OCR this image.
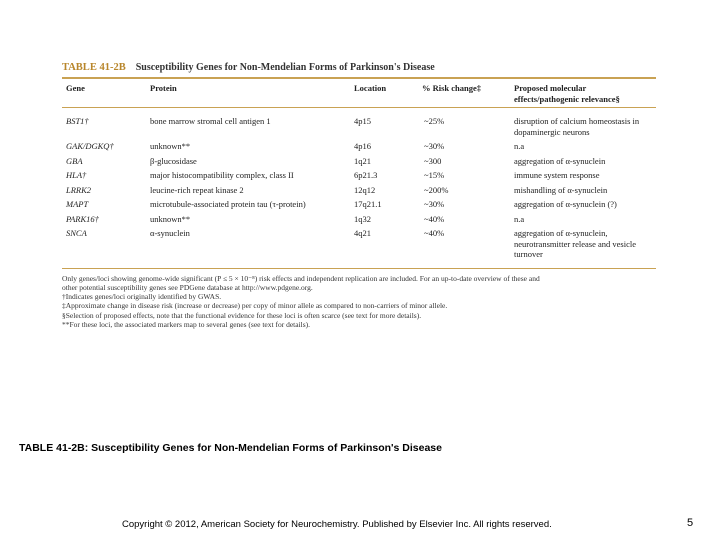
TABLE 41-2B Susceptibility Genes for Non-Mendelian Forms of Parkinson's Disease
Gene	Protein	Location	% Risk change‡	Proposed molecular effects/pathogenic relevance§

BST1†	bone marrow stromal cell antigen 1	4p15	~25%	disruption of calcium homeostasis in dopaminergic neurons
GAK/DGKQ†	unknown**	4p16	~30%	n.a
GBA	β-glucosidase	1q21	~300	aggregation of α-synuclein
HLA†	major histocompatibility complex, class II	6p21.3	~15%	immune system response
LRRK2	leucine-rich repeat kinase 2	12q12	~200%	mishandling of α-synuclein
MAPT	microtubule-associated protein tau (τ-protein)	17q21.1	~30%	aggregation of α-synuclein (?)
PARK16†	unknown**	1q32	~40%	n.a
SNCA	α-synuclein	4q21	~40%	aggregation of α-synuclein, neurotransmitter release and vesicle turnover
Only genes/loci showing genome-wide significant (P ≤ 5 × 10⁻⁸) risk effects and independent replication are included. For an up-to-date overview of these and
other potential susceptibility genes see PDGene database at http://www.pdgene.org.
†Indicates genes/loci originally identified by GWAS.
‡Approximate change in disease risk (increase or decrease) per copy of minor allele as compared to non-carriers of minor allele.
§Selection of proposed effects, note that the functional evidence for these loci is often scarce (see text for more details).
**For these loci, the associated markers map to several genes (see text for details).
TABLE 41-2B: Susceptibility Genes for Non-Mendelian Forms of Parkinson's Disease
Copyright © 2012, American Society for Neurochemistry. Published by Elsevier Inc. All rights reserved.	5
